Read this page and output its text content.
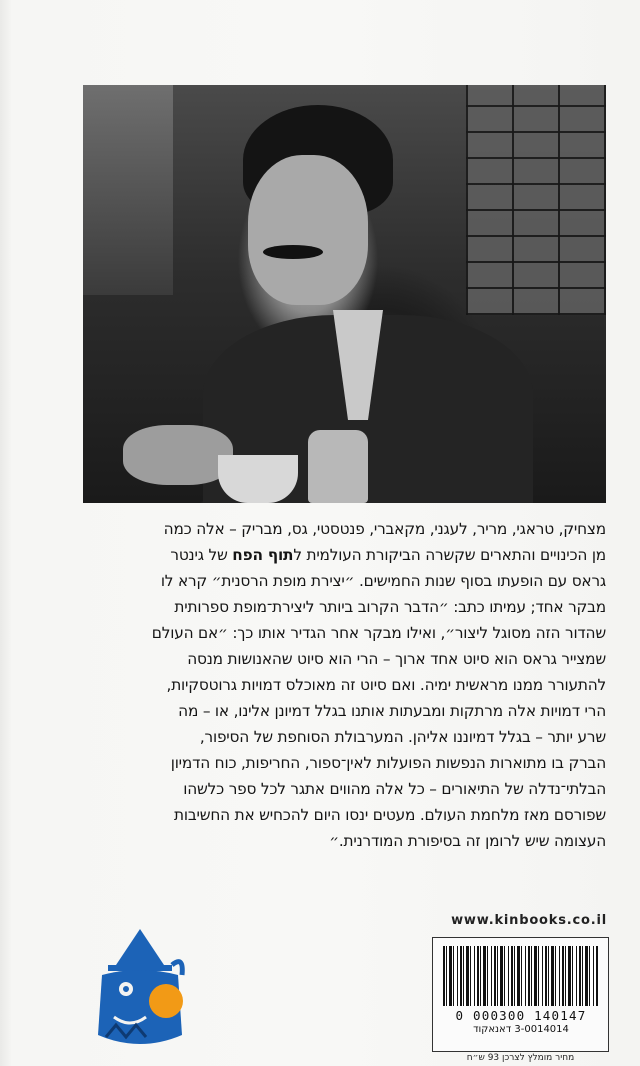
מצחיק, טראגי, מריר, לעגני, מקאברי, פנטסטי, גס, מבריק – אלה כמה
מן הכינויים והתארים שקשרה הביקורת העולמית לתוף הפח של גינטר
גראס עם הופעתו בסוף שנות החמישים. ״יצירת מופת הרסנית״ קרא לו
מבקר אחד; עמיתו כתב: ״הדבר הקרוב ביותר ליצירת־מופת ספרותית
שהדור הזה מסוגל ליצור״, ואילו מבקר אחר הגדיר אותו כך: ״אם העולם
שמצייר גראס הוא סיוט אחד ארוך – הרי הוא סיוט שהאנושות מנסה
להתעורר ממנו מראשית ימיה. ואם סיוט זה מאוכלס דמויות גרוטסקיות,
הרי דמויות אלה מרתקות ומבעתות אותנו בגלל דמיונן אלינו, או – מה
שרע יותר – בגלל דמיוננו אליהן. המערבולת הסוחפת של הסיפור,
הברק בו מתוארות הנפשות הפועלות לאין־ספור, החריפות, כוח הדמיון
הבלתי־נדלה של התיאורים – כל אלה מהווים אתגר לכל ספר כלשהו
שפורסם מאז מלחמת העולם. מעטים ינסו היום להכחיש את החשיבות
העצומה שיש לרומן זה בסיפורת המודרנית.״
www.kinbooks.co.il
0 000300 140147
3-0014014 דאנאקוד
מחיר מומלץ לצרכן 93 ש״ח
